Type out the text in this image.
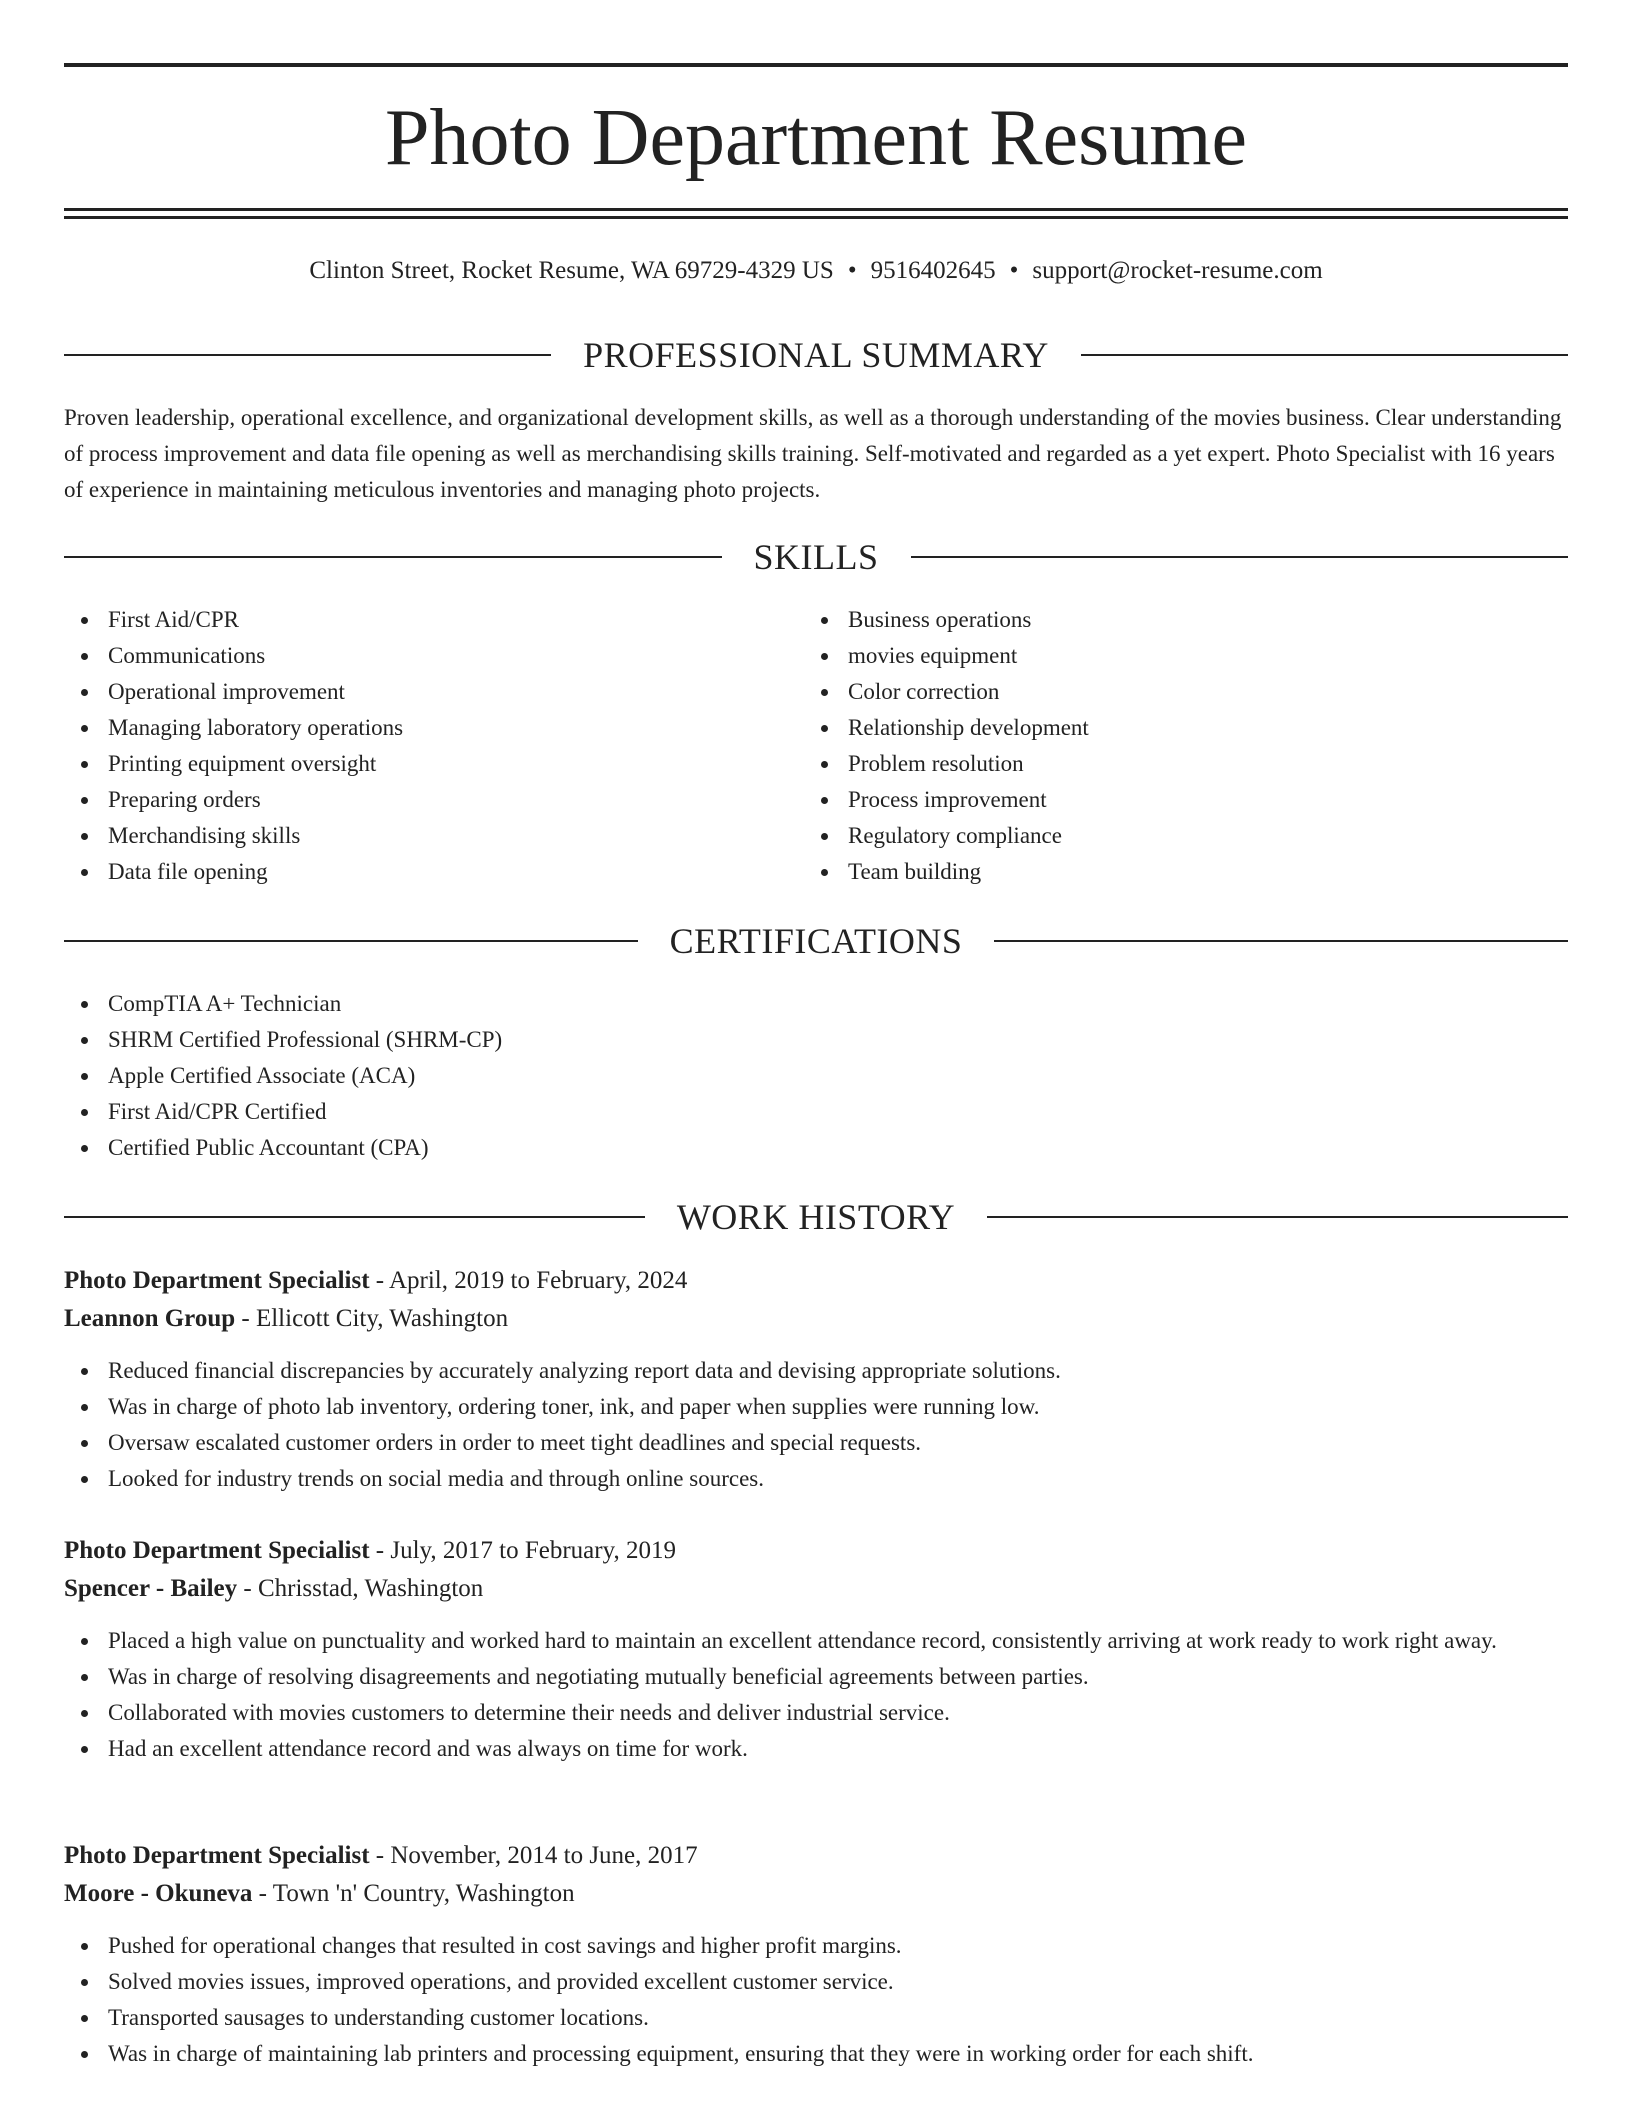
Photo Department Resume
Clinton Street, Rocket Resume, WA 69729-4329 US • 9516402645 • support@rocket-resume.com
PROFESSIONAL SUMMARY

Proven leadership, operational excellence, and organizational development skills, as well as a thorough understanding of the movies business. Clear understanding of process improvement and data file opening as well as merchandising skills training. Self-motivated and regarded as a yet expert. Photo Specialist with 16 years of experience in maintaining meticulous inventories and managing photo projects.

SKILLS
First Aid/CPR
Communications
Operational improvement
Managing laboratory operations
Printing equipment oversight
Preparing orders
Merchandising skills
Data file opening
Business operations
movies equipment
Color correction
Relationship development
Problem resolution
Process improvement
Regulatory compliance
Team building
CERTIFICATIONS
CompTIA A+ Technician
SHRM Certified Professional (SHRM-CP)
Apple Certified Associate (ACA)
First Aid/CPR Certified
Certified Public Accountant (CPA)
WORK HISTORY
Photo Department Specialist - April, 2019 to February, 2024
Leannon Group - Ellicott City, Washington
Reduced financial discrepancies by accurately analyzing report data and devising appropriate solutions.
Was in charge of photo lab inventory, ordering toner, ink, and paper when supplies were running low.
Oversaw escalated customer orders in order to meet tight deadlines and special requests.
Looked for industry trends on social media and through online sources.
Photo Department Specialist - July, 2017 to February, 2019
Spencer - Bailey - Chrisstad, Washington
Placed a high value on punctuality and worked hard to maintain an excellent attendance record, consistently arriving at work ready to work right away.
Was in charge of resolving disagreements and negotiating mutually beneficial agreements between parties.
Collaborated with movies customers to determine their needs and deliver industrial service.
Had an excellent attendance record and was always on time for work.
Photo Department Specialist - November, 2014 to June, 2017
Moore - Okuneva - Town 'n' Country, Washington
Pushed for operational changes that resulted in cost savings and higher profit margins.
Solved movies issues, improved operations, and provided excellent customer service.
Transported sausages to understanding customer locations.
Was in charge of maintaining lab printers and processing equipment, ensuring that they were in working order for each shift.
